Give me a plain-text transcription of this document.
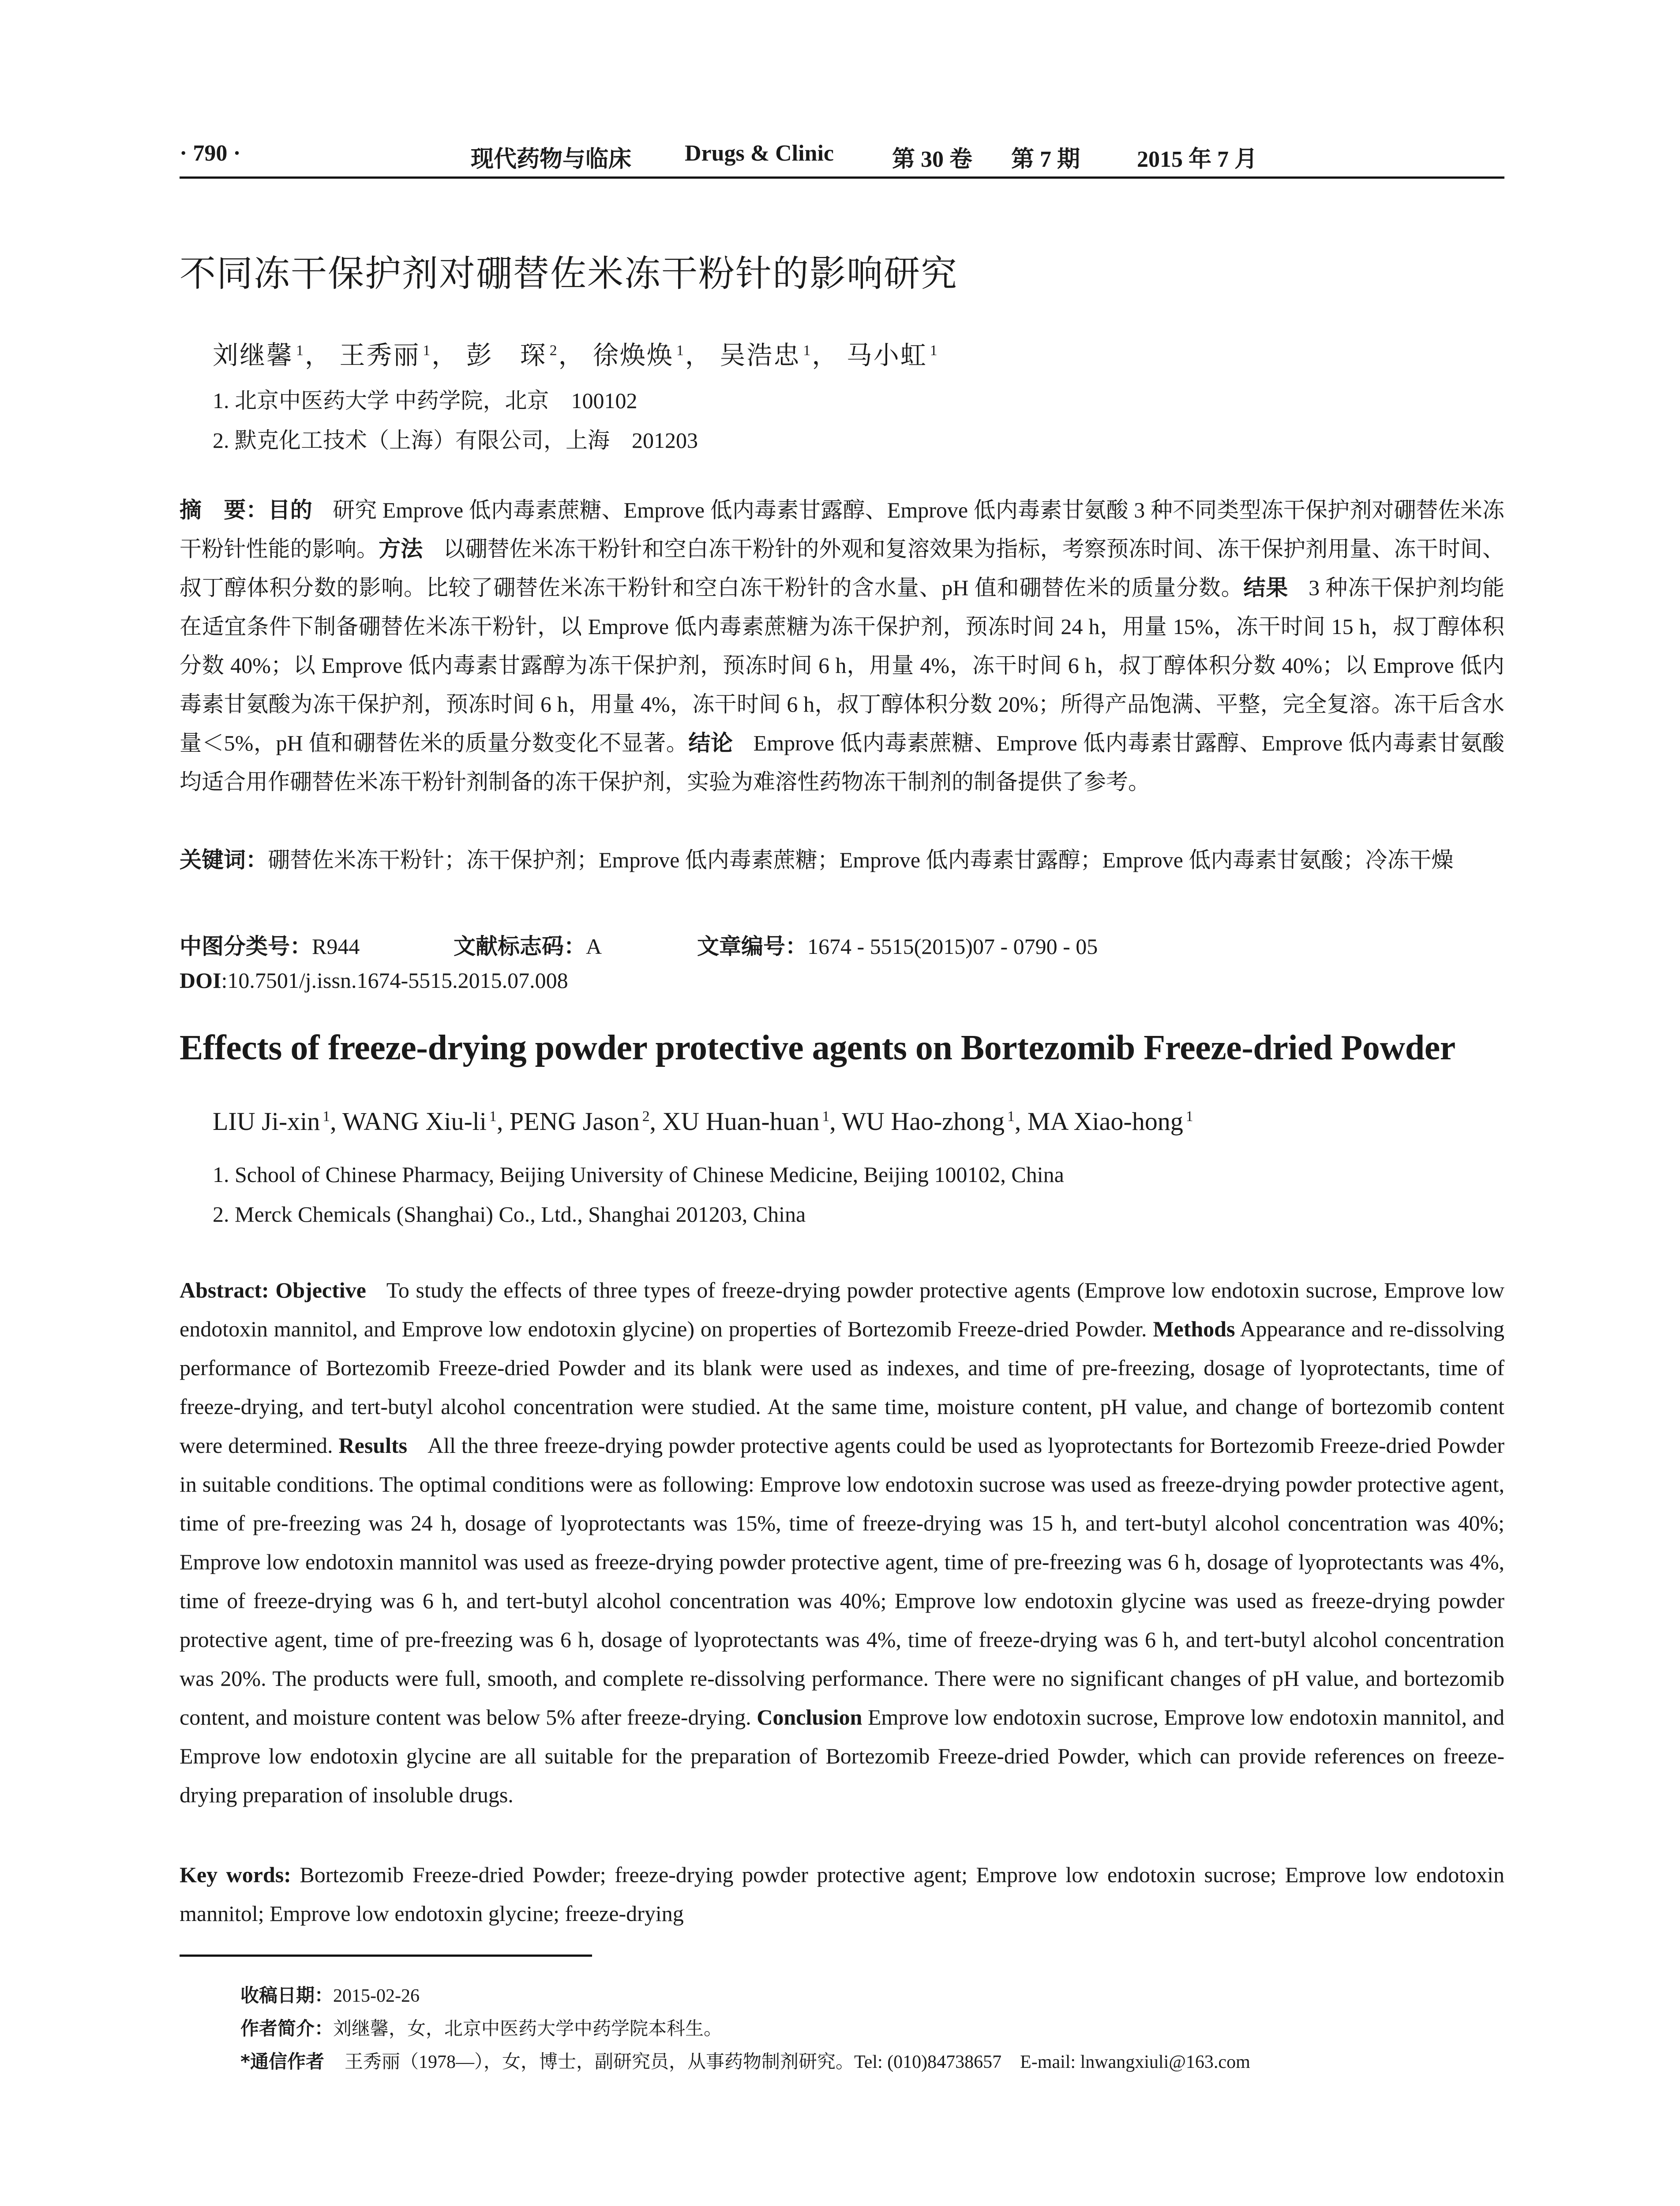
· 790 ·	现代药物与临床 Drugs & Clinic	第 30 卷 第 7 期 2015 年 7 月
不同冻干保护剂对硼替佐米冻干粉针的影响研究
刘继馨 $^1$， 王秀丽 $^1$， 彭　琛 $^2$， 徐焕焕 $^1$， 吴浩忠 $^1$， 马小虹 $^1$
1. 北京中医药大学 中药学院，北京　100102
2. 默克化工技术（上海）有限公司，上海　201203
摘　要：目的 研究 Emprove 低内毒素蔗糖、Emprove 低内毒素甘露醇、Emprove 低内毒素甘氨酸 3 种不同类型冻干保护剂对硼替佐米冻干粉针性能的影响。方法 以硼替佐米冻干粉针和空白冻干粉针的外观和复溶效果为指标，考察预冻时间、冻干保护剂用量、冻干时间、叔丁醇体积分数的影响。比较了硼替佐米冻干粉针和空白冻干粉针的含水量、pH 值和硼替佐米的质量分数。结果 3 种冻干保护剂均能在适宜条件下制备硼替佐米冻干粉针，以 Emprove 低内毒素蔗糖为冻干保护剂，预冻时间 24 h，用量 15%，冻干时间 15 h，叔丁醇体积分数 40%；以 Emprove 低内毒素甘露醇为冻干保护剂，预冻时间 6 h，用量 4%，冻干时间 6 h，叔丁醇体积分数 40%；以 Emprove 低内毒素甘氨酸为冻干保护剂，预冻时间 6 h，用量 4%，冻干时间 6 h，叔丁醇体积分数 20%；所得产品饱满、平整，完全复溶。冻干后含水量＜5%，pH 值和硼替佐米的质量分数变化不显著。结论 Emprove 低内毒素蔗糖、Emprove 低内毒素甘露醇、Emprove 低内毒素甘氨酸均适合用作硼替佐米冻干粉针剂制备的冻干保护剂，实验为难溶性药物冻干制剂的制备提供了参考。
关键词：硼替佐米冻干粉针；冻干保护剂；Emprove 低内毒素蔗糖；Emprove 低内毒素甘露醇；Emprove 低内毒素甘氨酸；冷冻干燥
中图分类号：R944	文献标志码：A	文章编号：1674 - 5515(2015)07 - 0790 - 05
DOI:10.7501/j.issn.1674-5515.2015.07.008
Effects of freeze-drying powder protective agents on Bortezomib Freeze-dried Powder
LIU Ji-xin $^1$, WANG Xiu-li $^1$, PENG Jason $^2$, XU Huan-huan $^1$, WU Hao-zhong $^1$, MA Xiao-hong $^1$
1. School of Chinese Pharmacy, Beijing University of Chinese Medicine, Beijing 100102, China
2. Merck Chemicals (Shanghai) Co., Ltd., Shanghai 201203, China
Abstract: Objective To study the effects of three types of freeze-drying powder protective agents (Emprove low endotoxin sucrose, Emprove low endotoxin mannitol, and Emprove low endotoxin glycine) on properties of Bortezomib Freeze-dried Powder. Methods Appearance and re-dissolving performance of Bortezomib Freeze-dried Powder and its blank were used as indexes, and time of pre-freezing, dosage of lyoprotectants, time of freeze-drying, and tert-butyl alcohol concentration were studied. At the same time, moisture content, pH value, and change of bortezomib content were determined. Results All the three freeze-drying powder protective agents could be used as lyoprotectants for Bortezomib Freeze-dried Powder in suitable conditions. The optimal conditions were as following: Emprove low endotoxin sucrose was used as freeze-drying powder protective agent, time of pre-freezing was 24 h, dosage of lyoprotectants was 15%, time of freeze-drying was 15 h, and tert-butyl alcohol concentration was 40%; Emprove low endotoxin mannitol was used as freeze-drying powder protective agent, time of pre-freezing was 6 h, dosage of lyoprotectants was 4%, time of freeze-drying was 6 h, and tert-butyl alcohol concentration was 40%; Emprove low endotoxin glycine was used as freeze-drying powder protective agent, time of pre-freezing was 6 h, dosage of lyoprotectants was 4%, time of freeze-drying was 6 h, and tert-butyl alcohol concentration was 20%. The products were full, smooth, and complete re-dissolving performance. There were no significant changes of pH value, and bortezomib content, and moisture content was below 5% after freeze-drying. Conclusion Emprove low endotoxin sucrose, Emprove low endotoxin mannitol, and Emprove low endotoxin glycine are all suitable for the preparation of Bortezomib Freeze-dried Powder, which can provide references on freeze-drying preparation of insoluble drugs.
Key words: Bortezomib Freeze-dried Powder; freeze-drying powder protective agent; Emprove low endotoxin sucrose; Emprove low endotoxin mannitol; Emprove low endotoxin glycine; freeze-drying
收稿日期：2015-02-26
作者简介：刘继馨，女，北京中医药大学中药学院本科生。
*通信作者 王秀丽（1978—），女，博士，副研究员，从事药物制剂研究。Tel: (010)84738657　E-mail: lnwangxiuli@163.com
